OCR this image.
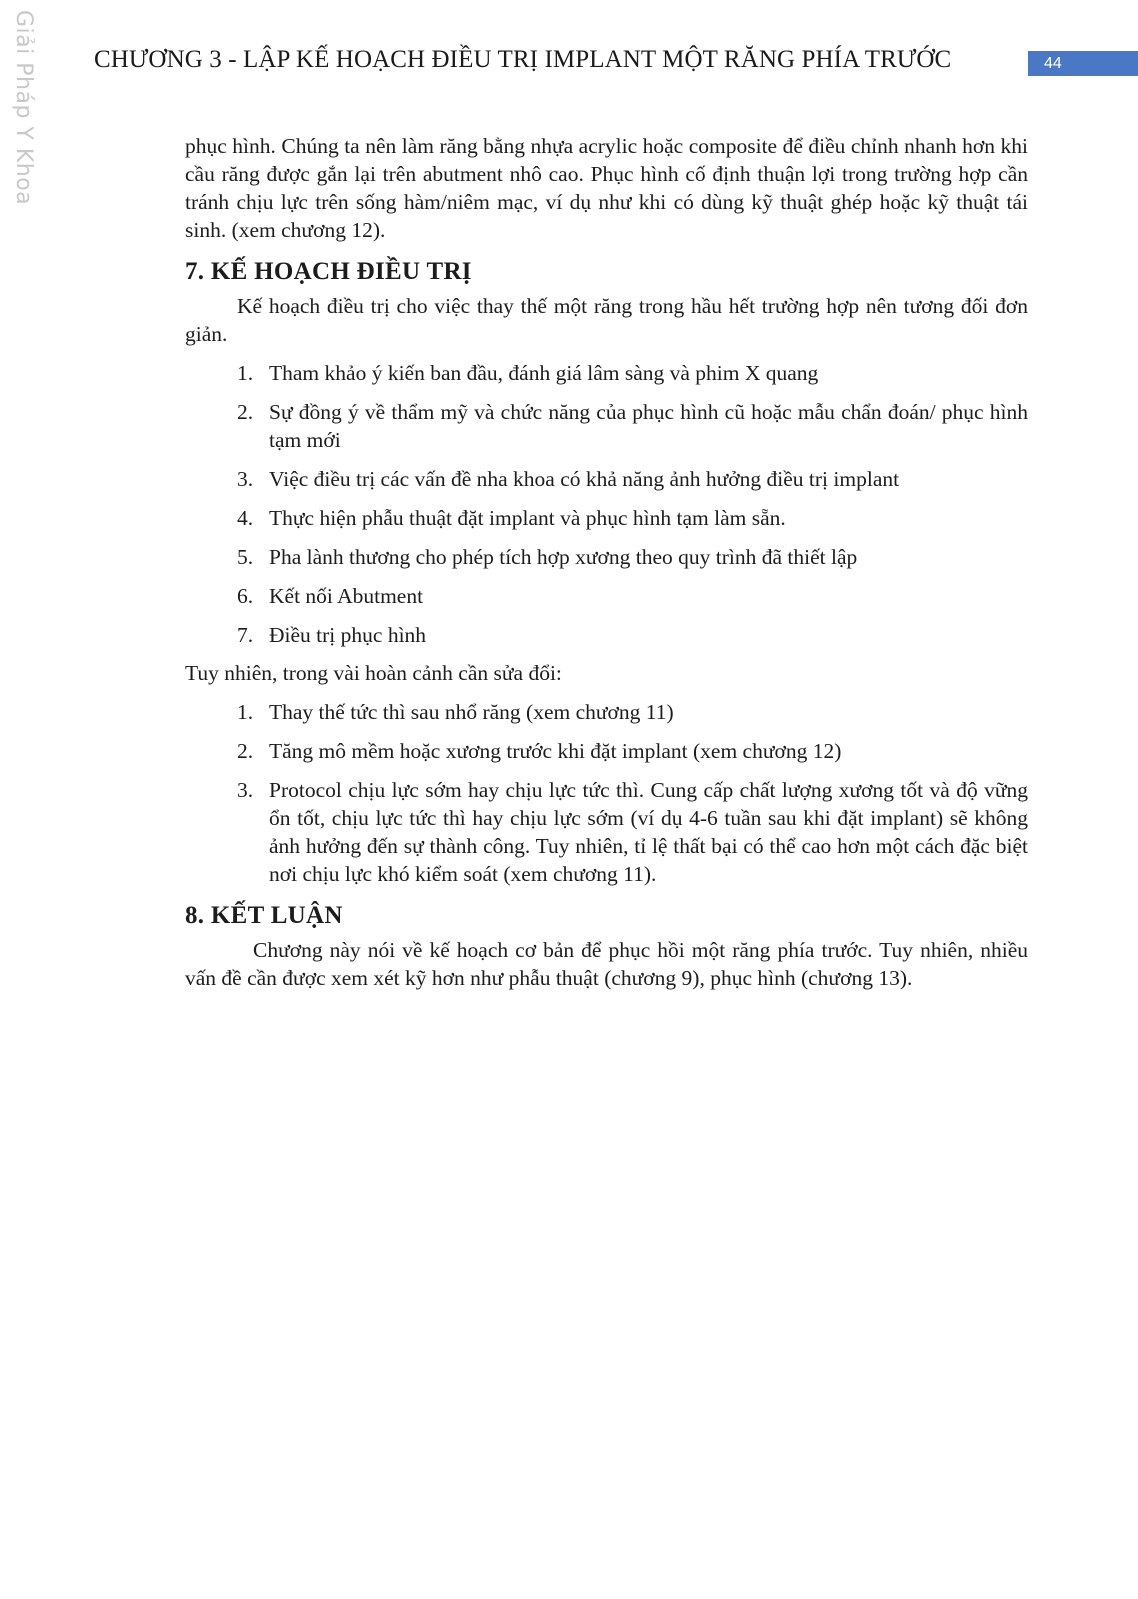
Giải Pháp Y Khoa CHƯƠNG 3 - LẬP KẾ HOẠCH ĐIỀU TRỊ IMPLANT MỘT RĂNG PHÍA TRƯỚC	44

phục hình. Chúng ta nên làm răng bằng nhựa acrylic hoặc composite để điều chỉnh nhanh hơn khi cầu răng được gắn lại trên abutment nhô cao. Phục hình cố định thuận lợi trong trường hợp cần tránh chịu lực trên sống hàm/niêm mạc, ví dụ như khi có dùng kỹ thuật ghép hoặc kỹ thuật tái sinh. (xem chương 12).

7. KẾ HOẠCH ĐIỀU TRỊ

Kế hoạch điều trị cho việc thay thế một răng trong hầu hết trường hợp nên tương đối đơn giản.

1. Tham khảo ý kiến ban đầu, đánh giá lâm sàng và phim X quang
2. Sự đồng ý về thẩm mỹ và chức năng của phục hình cũ hoặc mẫu chẩn đoán/ phục hình tạm mới
3. Việc điều trị các vấn đề nha khoa có khả năng ảnh hưởng điều trị implant
4. Thực hiện phẫu thuật đặt implant và phục hình tạm làm sẵn.
5. Pha lành thương cho phép tích hợp xương theo quy trình đã thiết lập
6. Kết nối Abutment
7. Điều trị phục hình

Tuy nhiên, trong vài hoàn cảnh cần sửa đổi:

1. Thay thế tức thì sau nhổ răng (xem chương 11)
2. Tăng mô mềm hoặc xương trước khi đặt implant (xem chương 12)
3. Protocol chịu lực sớm hay chịu lực tức thì. Cung cấp chất lượng xương tốt và độ vững ổn tốt, chịu lực tức thì hay chịu lực sớm (ví dụ 4-6 tuần sau khi đặt implant) sẽ không ảnh hưởng đến sự thành công. Tuy nhiên, tỉ lệ thất bại có thể cao hơn một cách đặc biệt nơi chịu lực khó kiểm soát (xem chương 11).
8. KẾT LUẬN

Chương này nói về kế hoạch cơ bản để phục hồi một răng phía trước. Tuy nhiên, nhiều vấn đề cần được xem xét kỹ hơn như phẫu thuật (chương 9), phục hình (chương 13).
